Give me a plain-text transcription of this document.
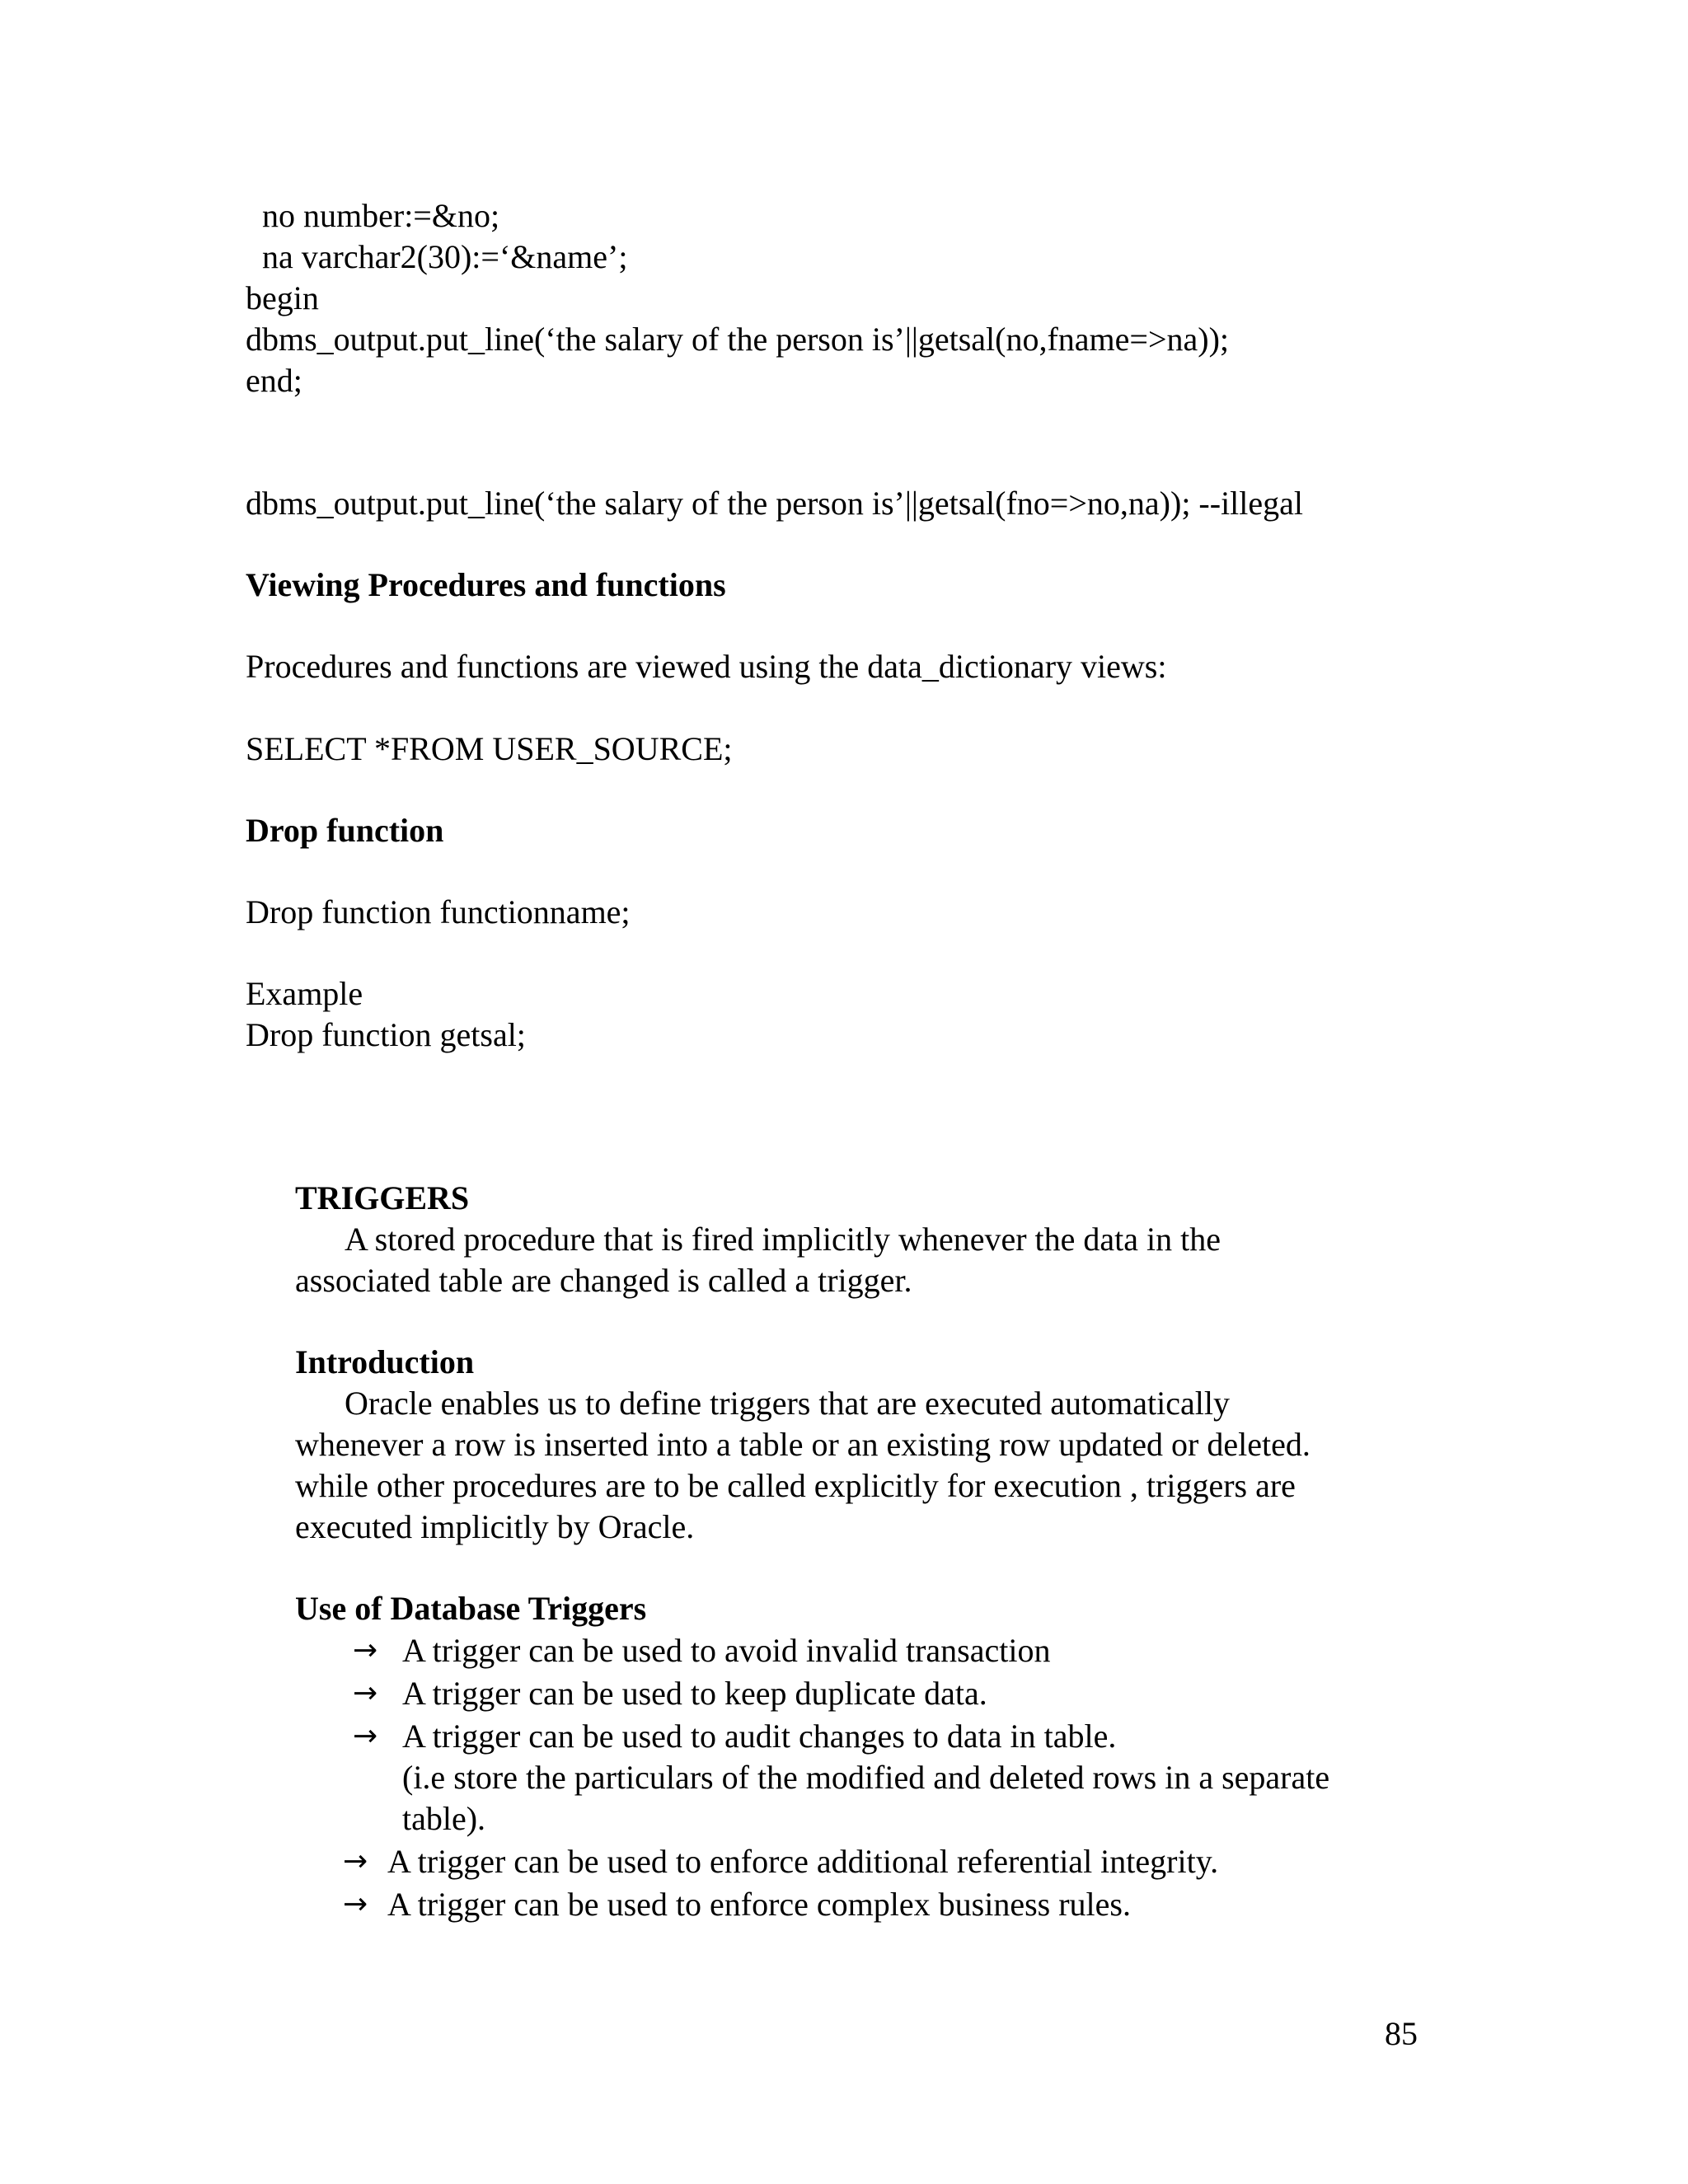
no number:=&no;

na varchar2(30):=‘&name’;

begin

dbms_output.put_line(‘the salary of the person is’||getsal(no,fname=>na));

end;

dbms_output.put_line(‘the salary of the person is’||getsal(fno=>no,na)); --illegal

Viewing Procedures and functions

Procedures and functions are viewed using the data_dictionary views:

SELECT *FROM USER_SOURCE;

Drop function

Drop function functionname;

Example

Drop function getsal;

TRIGGERS

A stored procedure that is fired implicitly whenever the data in the

associated table are changed is called a trigger.

Introduction

Oracle enables us to define triggers that are executed automatically

whenever a row is inserted into a table or an existing row updated or deleted.

while other procedures are to be called explicitly for execution , triggers are

executed implicitly by Oracle.

Use of Database Triggers

→ A trigger can be used to avoid invalid transaction

→ A trigger can be used to keep duplicate data.

→ A trigger can be used to audit changes to data in table.

(i.e store the particulars of the modified and deleted rows in a separate

table).

→ A trigger can be used to enforce additional referential integrity.

→ A trigger can be used to enforce complex business rules.

85
